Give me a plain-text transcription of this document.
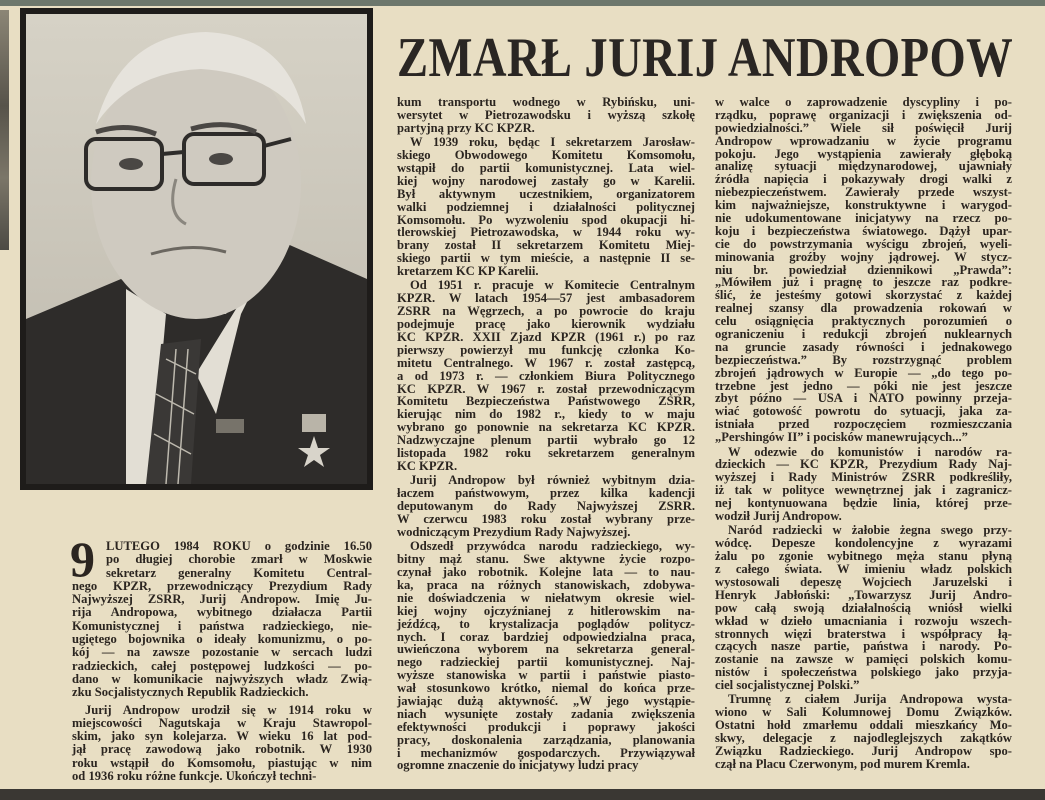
ZMARŁ JURIJ ANDROPOW
9 LUTEGO 1984 ROKU o godzinie 16.50
po długiej chorobie zmarł w Moskwie
sekretarz generalny Komitetu Central-
nego KPZR, przewodniczący Prezydium Rady
Najwyższej ZSRR, Jurij Andropow. Imię Ju-
rija Andropowa, wybitnego działacza Partii
Komunistycznej i państwa radzieckiego, nie-
ugiętego bojownika o ideały komunizmu, o po-
kój — na zawsze pozostanie w sercach ludzi
radzieckich, całej postępowej ludzkości — po-
dano w komunikacie najwyższych władz Zwią-
zku Socjalistycznych Republik Radzieckich.
Jurij Andropow urodził się w 1914 roku w
miejscowości Nagutskaja w Kraju Stawropol-
skim, jako syn kolejarza. W wieku 16 lat pod-
jął pracę zawodową jako robotnik. W 1930
roku wstąpił do Komsomołu, piastując w nim
od 1936 roku różne funkcje. Ukończył techni-
kum transportu wodnego w Rybińsku, uni-
wersytet w Pietrozawodsku i wyższą szkołę
partyjną przy KC KPZR.
W 1939 roku, będąc I sekretarzem Jarosław-
skiego Obwodowego Komitetu Komsomołu,
wstąpił do partii komunistycznej. Lata wiel-
kiej wojny narodowej zastały go w Karelii.
Był aktywnym uczestnikiem, organizatorem
walki podziemnej i działalności politycznej
Komsomołu. Po wyzwoleniu spod okupacji hi-
tlerowskiej Pietrozawodska, w 1944 roku wy-
brany został II sekretarzem Komitetu Miej-
skiego partii w tym mieście, a następnie II se-
kretarzem KC KP Karelii.
Od 1951 r. pracuje w Komitecie Centralnym
KPZR. W latach 1954—57 jest ambasadorem
ZSRR na Węgrzech, a po powrocie do kraju
podejmuje pracę jako kierownik wydziału
KC KPZR. XXII Zjazd KPZR (1961 r.) po raz
pierwszy powierzył mu funkcję członka Ko-
mitetu Centralnego. W 1967 r. został zastępcą,
a od 1973 r. — członkiem Biura Politycznego
KC KPZR. W 1967 r. został przewodniczącym
Komitetu Bezpieczeństwa Państwowego ZSRR,
kierując nim do 1982 r., kiedy to w maju
wybrano go ponownie na sekretarza KC KPZR.
Nadzwyczajne plenum partii wybrało go 12
listopada 1982 roku sekretarzem generalnym
KC KPZR.
Jurij Andropow był również wybitnym dzia-
łaczem państwowym, przez kilka kadencji
deputowanym do Rady Najwyższej ZSRR.
W czerwcu 1983 roku został wybrany prze-
wodniczącym Prezydium Rady Najwyższej.
Odszedł przywódca narodu radzieckiego, wy-
bitny mąż stanu. Swe aktywne życie rozpo-
czynał jako robotnik. Kolejne lata — to nau-
ka, praca na różnych stanowiskach, zdobywa-
nie doświadczenia w niełatwym okresie wiel-
kiej wojny ojczyźnianej z hitlerowskim na-
jeźdźcą, to krystalizacja poglądów politycz-
nych. I coraz bardziej odpowiedzialna praca,
uwieńczona wyborem na sekretarza general-
nego radzieckiej partii komunistycznej. Naj-
wyższe stanowiska w partii i państwie piasto-
wał stosunkowo krótko, niemal do końca prze-
jawiając dużą aktywność. „W jego wystąpie-
niach wysunięte zostały zadania zwiększenia
efektywności produkcji i poprawy jakości
pracy, doskonalenia zarządzania, planowania
i mechanizmów gospodarczych. Przywiązywał
ogromne znaczenie do inicjatywy ludzi pracy
w walce o zaprowadzenie dyscypliny i po-
rządku, poprawę organizacji i zwiększenia od-
powiedzialności.” Wiele sił poświęcił Jurij
Andropow wprowadzaniu w życie programu
pokoju. Jego wystąpienia zawierały głęboką
analizę sytuacji międzynarodowej, ujawniały
źródła napięcia i pokazywały drogi walki z
niebezpieczeństwem. Zawierały przede wszyst-
kim najważniejsze, konstruktywne i warygod-
nie udokumentowane inicjatywy na rzecz po-
koju i bezpieczeństwa światowego. Dążył upar-
cie do powstrzymania wyścigu zbrojeń, wyeli-
minowania groźby wojny jądrowej. W stycz-
niu br. powiedział dziennikowi „Prawda”:
„Mówiłem już i pragnę to jeszcze raz podkre-
ślić, że jesteśmy gotowi skorzystać z każdej
realnej szansy dla prowadzenia rokowań w
celu osiągnięcia praktycznych porozumień o
ograniczeniu i redukcji zbrojeń nuklearnych
na gruncie zasady równości i jednakowego
bezpieczeństwa.” By rozstrzygnąć problem
zbrojeń jądrowych w Europie — „do tego po-
trzebne jest jedno — póki nie jest jeszcze
zbyt późno — USA i NATO powinny przeja-
wiać gotowość powrotu do sytuacji, jaka za-
istniała przed rozpoczęciem rozmieszczania
„Pershingów II” i pocisków manewrujących...”
W odezwie do komunistów i narodów ra-
dzieckich — KC KPZR, Prezydium Rady Naj-
wyższej i Rady Ministrów ZSRR podkreśliły,
iż tak w polityce wewnętrznej jak i zagranicz-
nej kontynuowana będzie linia, której prze-
wodził Jurij Andropow.
Naród radziecki w żałobie żegna swego przy-
wódcę. Depesze kondolencyjne z wyrazami
żalu po zgonie wybitnego męża stanu płyną
z całego świata. W imieniu władz polskich
wystosowali depeszę Wojciech Jaruzelski i
Henryk Jabłoński: „Towarzysz Jurij Andro-
pow całą swoją działalnością wniósł wielki
wkład w dzieło umacniania i rozwoju wszech-
stronnych więzi braterstwa i współpracy łą-
czących nasze partie, państwa i narody. Po-
zostanie na zawsze w pamięci polskich komu-
nistów i społeczeństwa polskiego jako przyja-
ciel socjalistycznej Polski.”
Trumnę z ciałem Jurija Andropowa wysta-
wiono w Sali Kolumnowej Domu Związków.
Ostatni hołd zmarłemu oddali mieszkańcy Mo-
skwy, delegacje z najodleglejszych zakątków
Związku Radzieckiego. Jurij Andropow spo-
czął na Placu Czerwonym, pod murem Kremla.
